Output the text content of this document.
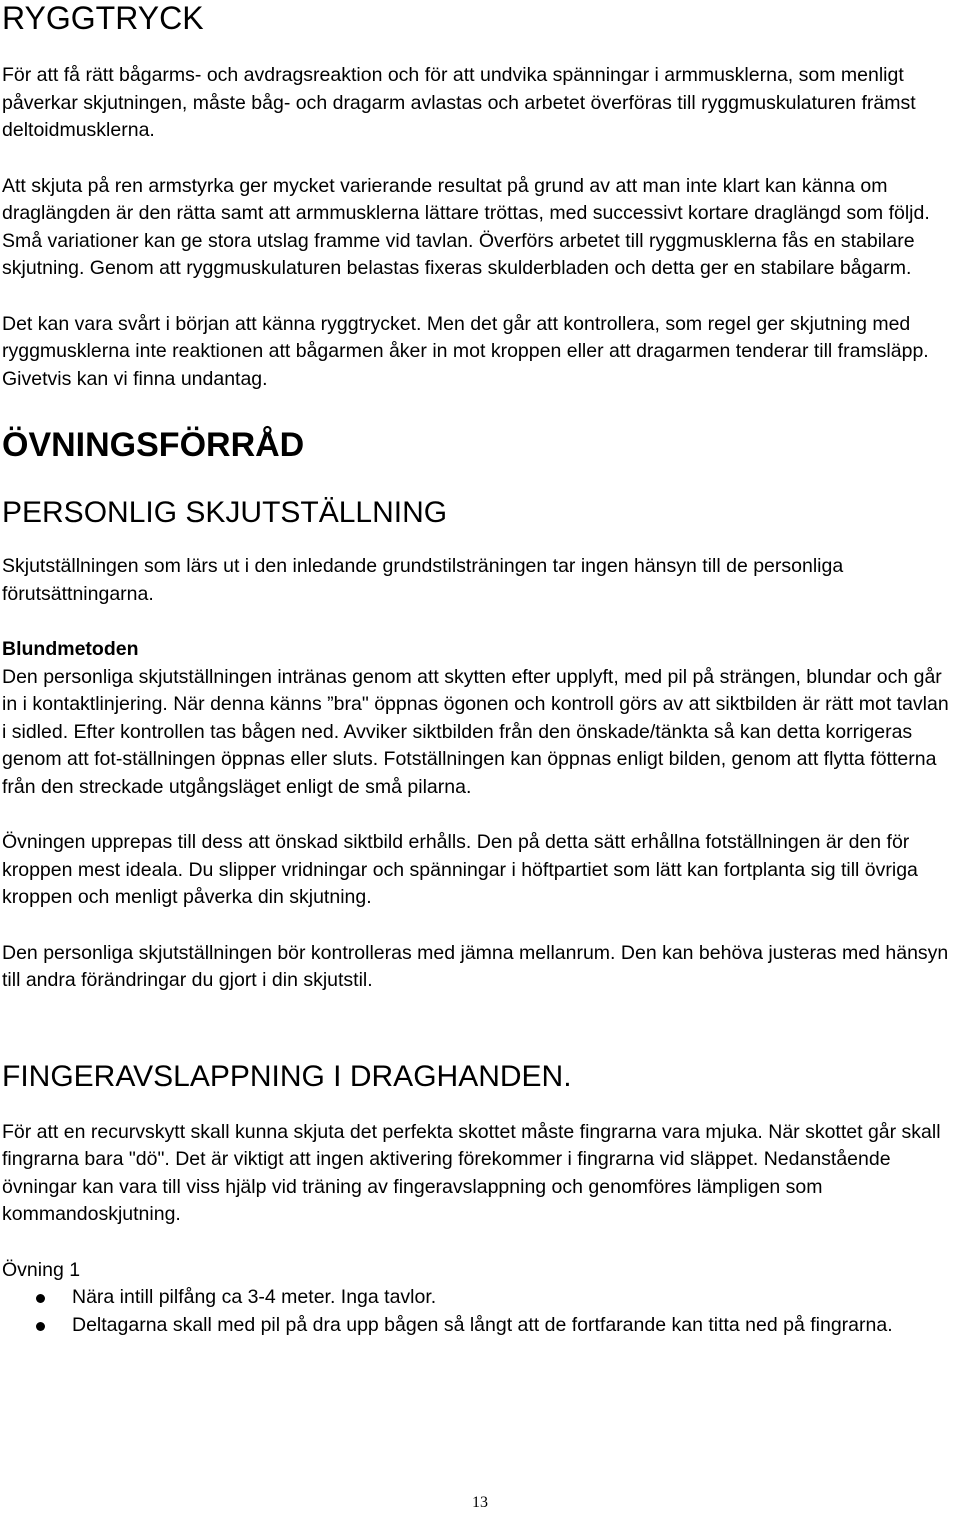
RYGGTRYCK

För att få rätt bågarms- och avdragsreaktion och för att undvika spänningar i armmusklerna, som menligt påverkar skjutningen, måste båg- och dragarm avlastas och arbetet överföras till ryggmuskulaturen främst deltoidmusklerna.

Att skjuta på ren armstyrka ger mycket varierande resultat på grund av att man inte klart kan känna om draglängden är den rätta samt att armmusklerna lättare tröttas, med successivt kortare draglängd som följd. Små variationer kan ge stora utslag framme vid tavlan. Överförs arbetet till ryggmusklerna fås en stabilare skjutning. Genom att ryggmuskulaturen belastas fixeras skulderbladen och detta ger en stabilare bågarm.

Det kan vara svårt i början att känna ryggtrycket. Men det går att kontrollera, som regel ger skjutning med ryggmusklerna inte reaktionen att bågarmen åker in mot kroppen eller att dragarmen tenderar till framsläpp.

Givetvis kan vi finna undantag.

ÖVNINGSFÖRRÅD
PERSONLIG SKJUTSTÄLLNING

Skjutställningen som lärs ut i den inledande grundstilsträningen tar ingen hänsyn till de personliga förutsättningarna.

Blundmetoden

Den personliga skjutställningen intränas genom att skytten efter upplyft, med pil på strängen, blundar och går in i kontaktlinjering. När denna känns ”bra" öppnas ögonen och kontroll görs av att siktbilden är rätt mot tavlan i sidled. Efter kontrollen tas bågen ned. Avviker siktbilden från den önskade/tänkta så kan detta korrigeras genom att fot-ställningen öppnas eller sluts. Fotställningen kan öppnas enligt bilden, genom att flytta fötterna från den streckade utgångsläget enligt de små pilarna.

Övningen upprepas till dess att önskad siktbild erhålls. Den på detta sätt erhållna fotställningen är den för kroppen mest ideala. Du slipper vridningar och spänningar i höftpartiet som lätt kan fortplanta sig till övriga kroppen och menligt påverka din skjutning.

Den personliga skjutställningen bör kontrolleras med jämna mellanrum. Den kan behöva justeras med hänsyn till andra förändringar du gjort i din skjutstil.

FINGERAVSLAPPNING I DRAGHANDEN.

För att en recurvskytt skall kunna skjuta det perfekta skottet måste fingrarna vara mjuka. När skottet går skall fingrarna bara "dö". Det är viktigt att ingen aktivering förekommer i fingrarna vid släppet. Nedanstående övningar kan vara till viss hjälp vid träning av fingeravslappning och genomföres lämpligen som kommandoskjutning.

Övning 1

Nära intill pilfång ca 3-4 meter. Inga tavlor.
Deltagarna skall med pil på dra upp bågen så långt att de fortfarande kan titta ned på fingrarna.
13
